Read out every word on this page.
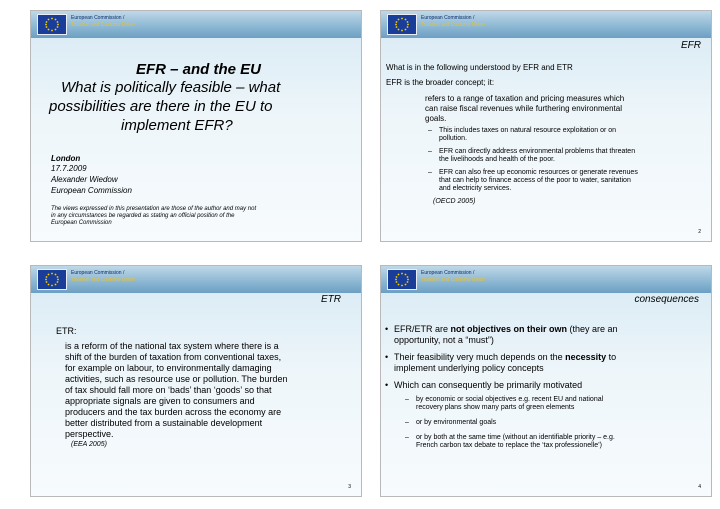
European Commission /
Taxation and Customs Union
EFR – and the EU
What is politically feasible – what
possibilities are there in the EU to
implement EFR?
London
17.7.2009
Alexander Wiedow
European Commission
The views expressed in this presentation are those of the author and may not
in any circumstances be regarded as stating an official position of the
European Commission
European Commission /
Taxation and Customs Union
EFR
What is in the following understood by EFR and ETR
EFR is the broader concept; it:
refers to a range of taxation and pricing measures which
can raise fiscal revenues while furthering environmental
goals.
– This includes taxes on natural resource exploitation or on
pollution.
– EFR can directly address environmental problems that threaten
the livelihoods and health of the poor.
– EFR can also free up economic resources or generate revenues
that can help to finance access of the poor to water, sanitation
and electricity services.
(OECD 2005)
2
European Commission /
Taxation and Customs Union
ETR
ETR:
is a reform of the national tax system where there is a
shift of the burden of taxation from conventional taxes,
for example on labour, to environmentally damaging
activities, such as resource use or pollution. The burden
of tax should fall more on ‘bads’ than ‘goods’ so that
appropriate signals are given to consumers and
producers and the tax burden across the economy are
better distributed from a sustainable development
perspective.
(EEA 2005)
3
European Commission /
Taxation and Customs Union
consequences
• EFR/ETR are not objectives on their own (they are an
opportunity, not a “must”)
• Their feasibility very much depends on the necessity to
implement underlying policy concepts
• Which can consequently be primarily motivated
– by economic or social objectives e.g. recent EU and national
recovery plans show many parts of green elements
– or by environmental goals
– or by both at the same time (without an identifiable priority – e.g.
French carbon tax debate to replace the ‘tax professionelle’)
4
